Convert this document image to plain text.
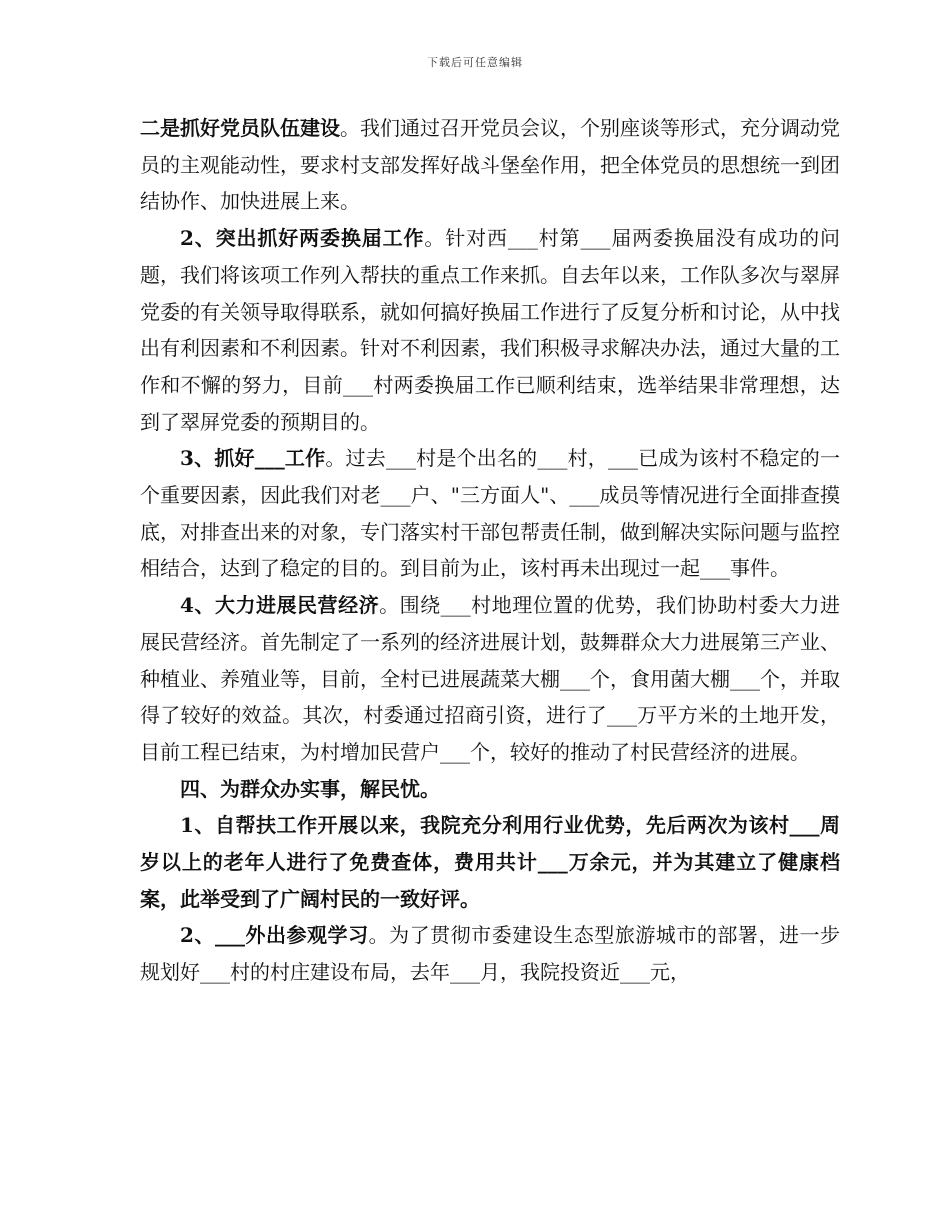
下载后可任意编辑

二是抓好党员队伍建设。我们通过召开党员会议，个别座谈等形式，充分调动党员的主观能动性，要求村支部发挥好战斗堡垒作用，把全体党员的思想统一到团结协作、加快进展上来。

2、突出抓好两委换届工作。针对西___村第___届两委换届没有成功的问题，我们将该项工作列入帮扶的重点工作来抓。自去年以来，工作队多次与翠屏党委的有关领导取得联系，就如何搞好换届工作进行了反复分析和讨论，从中找出有利因素和不利因素。针对不利因素，我们积极寻求解决办法，通过大量的工作和不懈的努力，目前___村两委换届工作已顺利结束，选举结果非常理想，达到了翠屏党委的预期目的。

3、抓好___工作。过去___村是个出名的___村，___已成为该村不稳定的一个重要因素，因此我们对老___户、"三方面人"、___成员等情况进行全面排查摸底，对排查出来的对象，专门落实村干部包帮责任制，做到解决实际问题与监控相结合，达到了稳定的目的。到目前为止，该村再未出现过一起___事件。

4、大力进展民营经济。围绕___村地理位置的优势，我们协助村委大力进展民营经济。首先制定了一系列的经济进展计划，鼓舞群众大力进展第三产业、种植业、养殖业等，目前，全村已进展蔬菜大棚___个，食用菌大棚___个，并取得了较好的效益。其次，村委通过招商引资，进行了___万平方米的土地开发，目前工程已结束，为村增加民营户___个，较好的推动了村民营经济的进展。

四、为群众办实事，解民忧。

1、自帮扶工作开展以来，我院充分利用行业优势，先后两次为该村___周岁以上的老年人进行了免费查体，费用共计___万余元，并为其建立了健康档案，此举受到了广阔村民的一致好评。

2、___外出参观学习。为了贯彻市委建设生态型旅游城市的部署，进一步规划好___村的村庄建设布局，去年___月，我院投资近___元，
